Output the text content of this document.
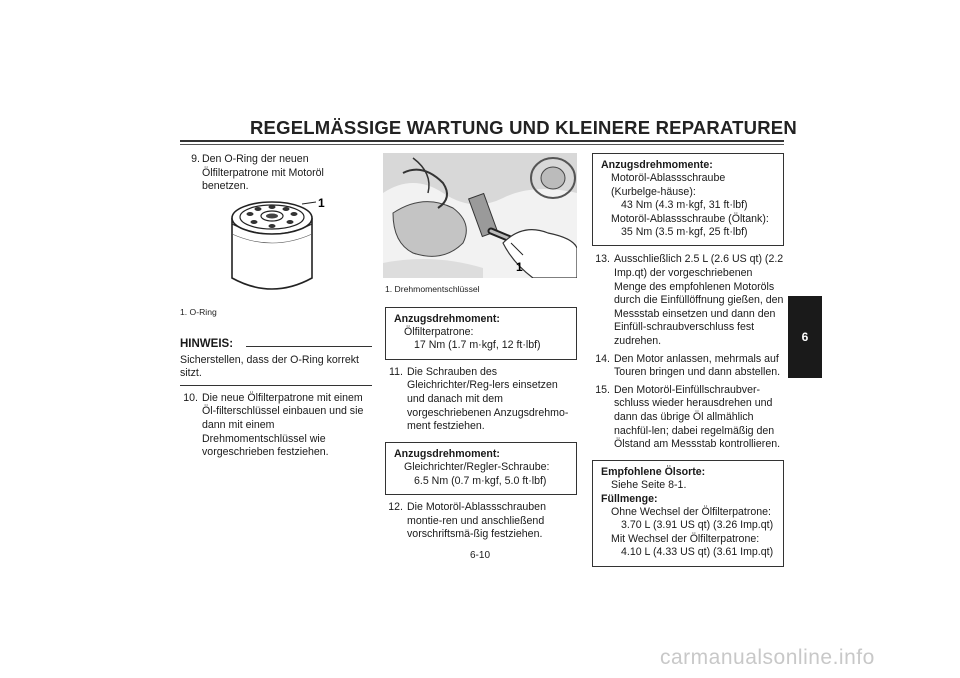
REGELMÄSSIGE WARTUNG UND KLEINERE REPARATUREN
6
9. Den O-Ring der neuen Ölfilterpatrone mit Motoröl benetzen.
1
1. O-Ring
HINWEIS:
Sicherstellen, dass der O-Ring korrekt sitzt.
10. Die neue Ölfilterpatrone mit einem Öl-filterschlüssel einbauen und sie dann mit einem Drehmomentschlüssel wie vorgeschrieben festziehen.
1
1. Drehmomentschlüssel
Anzugsdrehmoment:
Ölfilterpatrone:
17 Nm (1.7 m·kgf, 12 ft·lbf)
11. Die Schrauben des Gleichrichter/Reg-lers einsetzen und danach mit dem vorgeschriebenen Anzugsdrehmo-ment festziehen.
Anzugsdrehmoment:
Gleichrichter/Regler-Schraube:
6.5 Nm (0.7 m·kgf, 5.0 ft·lbf)
12. Die Motoröl-Ablassschrauben montie-ren und anschließend vorschriftsmä-ßig festziehen.
Anzugsdrehmomente:
Motoröl-Ablassschraube (Kurbelge-häuse):
43 Nm (4.3 m·kgf, 31 ft·lbf)
Motoröl-Ablassschraube (Öltank):
35 Nm (3.5 m·kgf, 25 ft·lbf)
13. Ausschließlich 2.5 L (2.6 US qt) (2.2 Imp.qt) der vorgeschriebenen Menge des empfohlenen Motoröls durch die Einfüllöffnung gießen, den Messstab einsetzen und dann den Einfüll-schraubverschluss fest zudrehen.
14. Den Motor anlassen, mehrmals auf Touren bringen und dann abstellen.
15. Den Motoröl-Einfüllschraubver-schluss wieder herausdrehen und dann das übrige Öl allmählich nachfül-len; dabei regelmäßig den Ölstand am Messstab kontrollieren.
Empfohlene Ölsorte:
Siehe Seite 8-1.
Füllmenge:
Ohne Wechsel der Ölfilterpatrone:
3.70 L (3.91 US qt) (3.26 Imp.qt)
Mit Wechsel der Ölfilterpatrone:
4.10 L (4.33 US qt) (3.61 Imp.qt)
6-10
carmanualsonline.info
